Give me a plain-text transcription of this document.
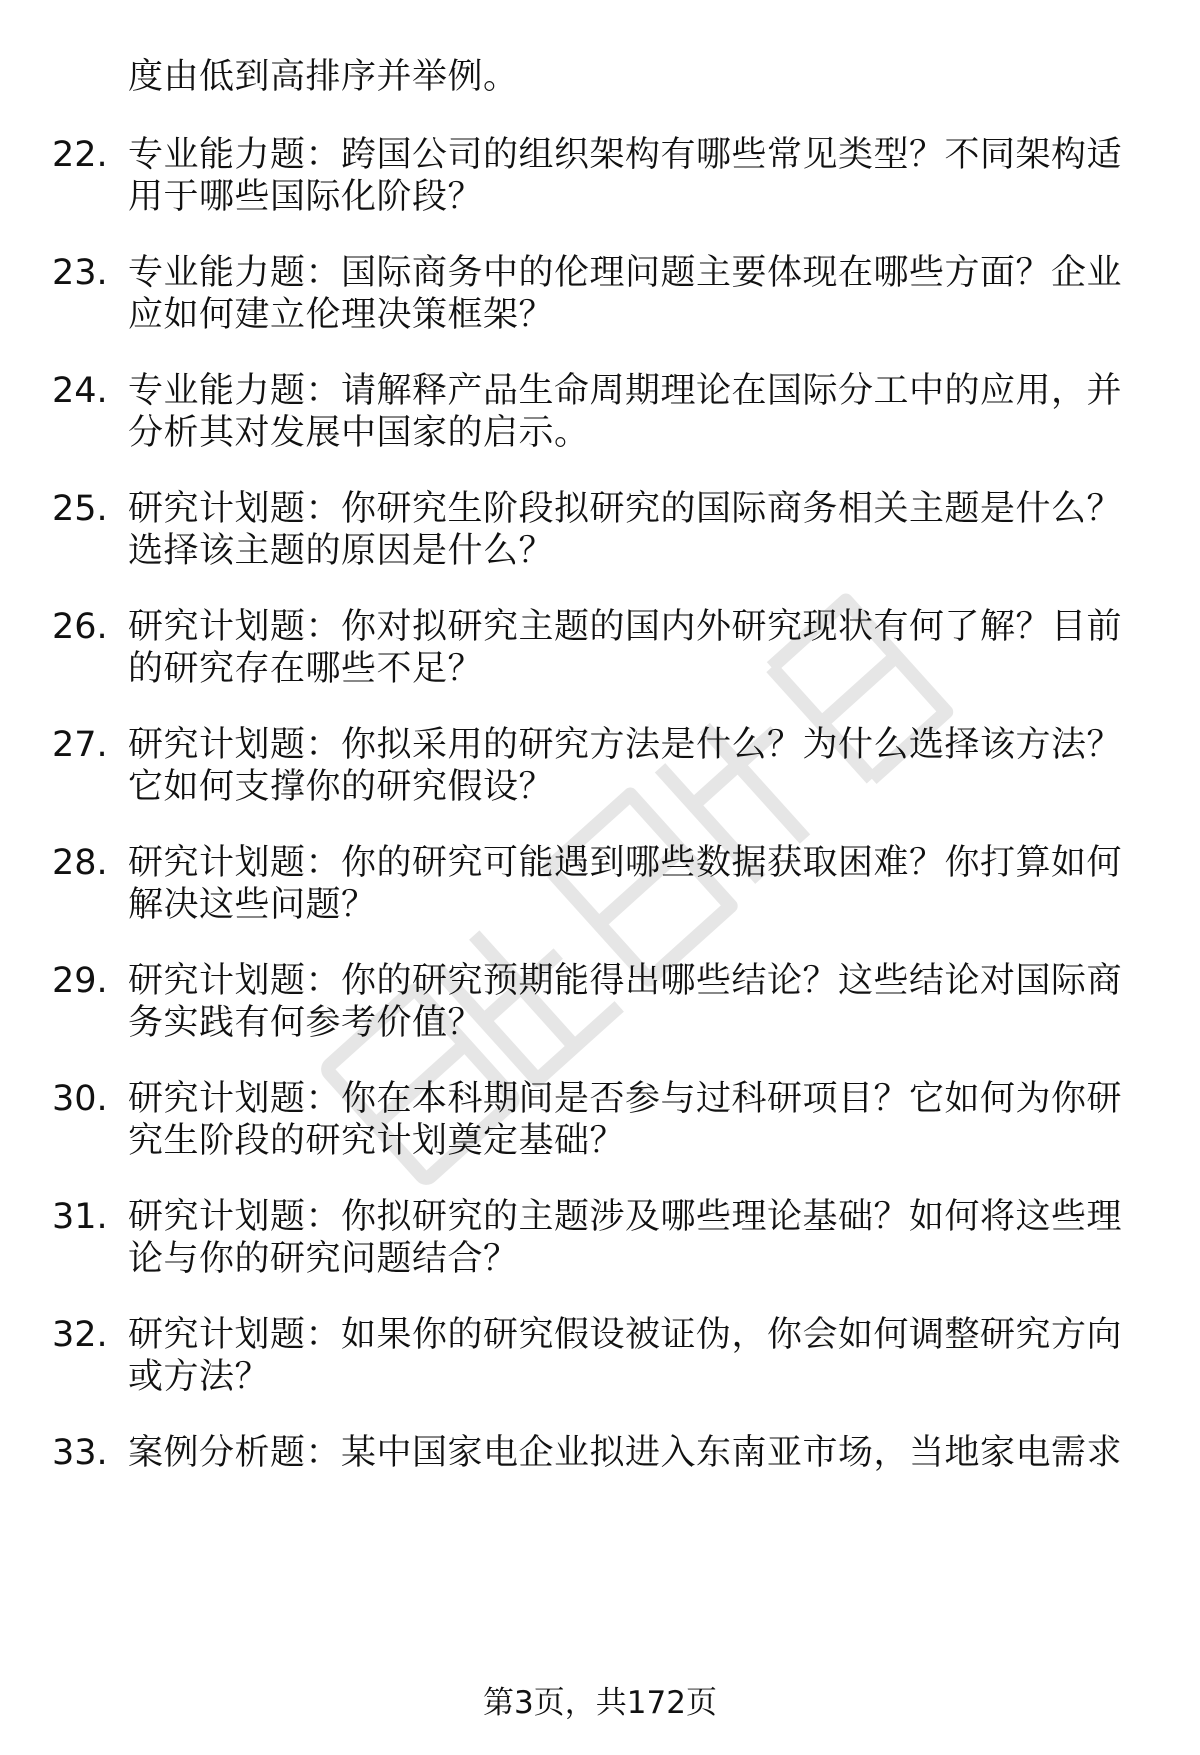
度由低到高排序并举例。
22. 专业能力题：跨国公司的组织架构有哪些常见类型？不同架构适
用于哪些国际化阶段？
23. 专业能力题：国际商务中的伦理问题主要体现在哪些方面？企业
应如何建立伦理决策框架？
24. 专业能力题：请解释产品生命周期理论在国际分工中的应用，并
分析其对发展中国家的启示。
25. 研究计划题：你研究生阶段拟研究的国际商务相关主题是什么？
选择该主题的原因是什么？
26. 研究计划题：你对拟研究主题的国内外研究现状有何了解？目前
的研究存在哪些不足？
27. 研究计划题：你拟采用的研究方法是什么？为什么选择该方法？
它如何支撑你的研究假设？
28. 研究计划题：你的研究可能遇到哪些数据获取困难？你打算如何
解决这些问题？
29. 研究计划题：你的研究预期能得出哪些结论？这些结论对国际商
务实践有何参考价值？
30. 研究计划题：你在本科期间是否参与过科研项目？它如何为你研
究生阶段的研究计划奠定基础？
31. 研究计划题：你拟研究的主题涉及哪些理论基础？如何将这些理
论与你的研究问题结合？
32. 研究计划题：如果你的研究假设被证伪，你会如何调整研究方向
或方法？
33. 案例分析题：某中国家电企业拟进入东南亚市场，当地家电需求
第3页，共172页
